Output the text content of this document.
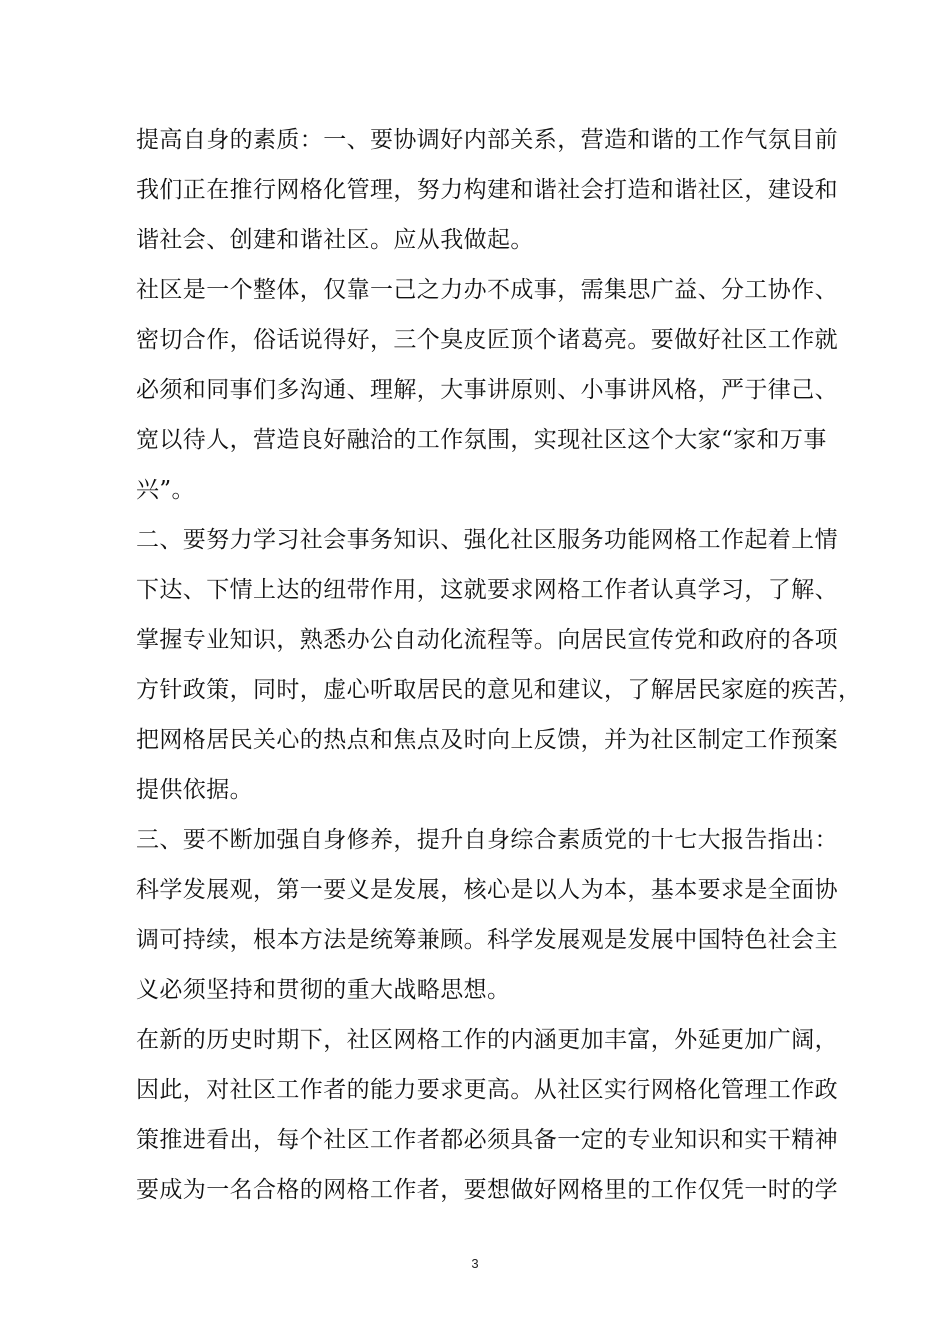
提高自身的素质：一、要协调好内部关系，营造和谐的工作气氛目前
我们正在推行网格化管理，努力构建和谐社会打造和谐社区，建设和
谐社会、创建和谐社区。应从我做起。
社区是一个整体，仅靠一己之力办不成事，需集思广益、分工协作、
密切合作，俗话说得好，三个臭皮匠顶个诸葛亮。要做好社区工作就
必须和同事们多沟通、理解，大事讲原则、小事讲风格，严于律己、
宽以待人，营造良好融洽的工作氛围，实现社区这个大家“家和万事
兴”。
二、要努力学习社会事务知识、强化社区服务功能网格工作起着上情
下达、下情上达的纽带作用，这就要求网格工作者认真学习，了解、
掌握专业知识，熟悉办公自动化流程等。向居民宣传党和政府的各项
方针政策，同时，虚心听取居民的意见和建议，了解居民家庭的疾苦，
把网格居民关心的热点和焦点及时向上反馈，并为社区制定工作预案
提供依据。
三、要不断加强自身修养，提升自身综合素质党的十七大报告指出：
科学发展观，第一要义是发展，核心是以人为本，基本要求是全面协
调可持续，根本方法是统筹兼顾。科学发展观是发展中国特色社会主
义必须坚持和贯彻的重大战略思想。
在新的历史时期下，社区网格工作的内涵更加丰富，外延更加广阔，
因此，对社区工作者的能力要求更高。从社区实行网格化管理工作政
策推进看出，每个社区工作者都必须具备一定的专业知识和实干精神
要成为一名合格的网格工作者，要想做好网格里的工作仅凭一时的学
3
